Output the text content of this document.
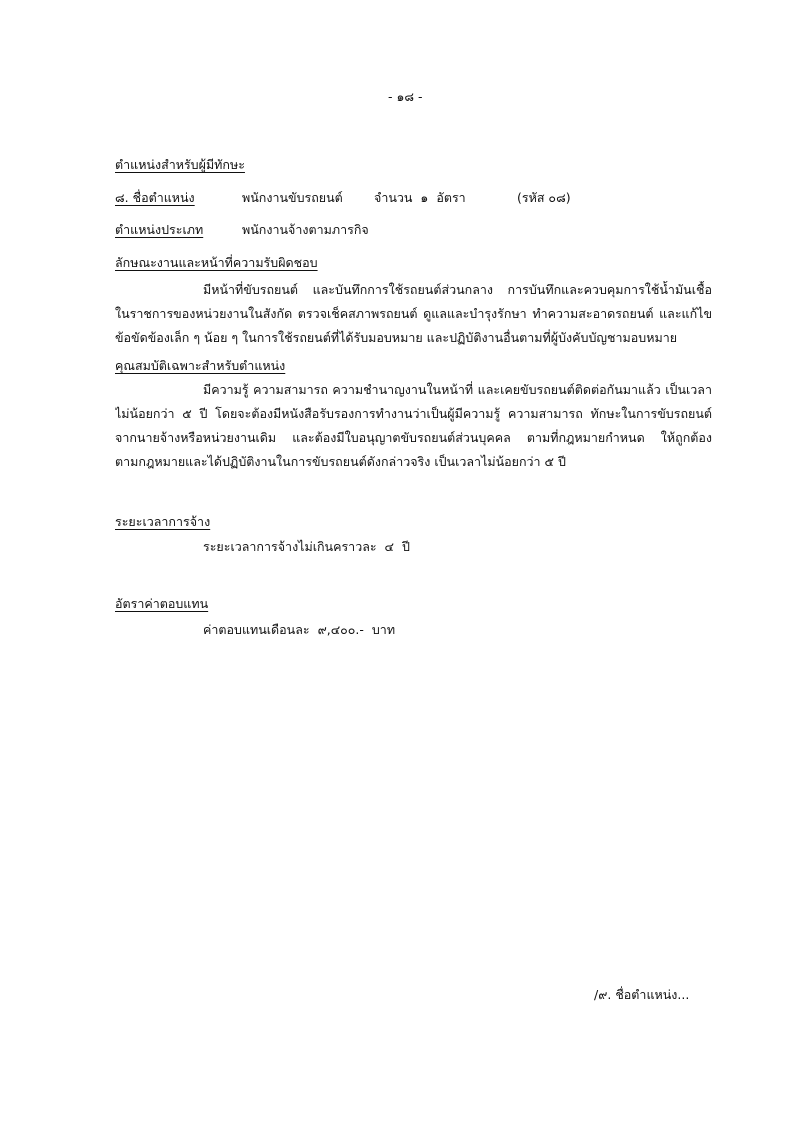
- ๑๘ -
ตำแหน่งสำหรับผู้มีทักษะ
๘. ชื่อตำแหน่ง	พนักงานขับรถยนต์ จำนวน ๑ อัตรา	(รหัส ๐๘)
ตำแหน่งประเภท	พนักงานจ้างตามภารกิจ
ลักษณะงานและหน้าที่ความรับผิดชอบ
มีหน้าที่ขับรถยนต์ และบันทึกการใช้รถยนต์ส่วนกลาง การบันทึกและควบคุมการใช้น้ำมันเชื้อ
ในราชการของหน่วยงานในสังกัด ตรวจเช็คสภาพรถยนต์ ดูแลและบำรุงรักษา ทำความสะอาดรถยนต์ และแก้ไข
ข้อขัดข้องเล็ก ๆ น้อย ๆ ในการใช้รถยนต์ที่ได้รับมอบหมาย และปฏิบัติงานอื่นตามที่ผู้บังคับบัญชามอบหมาย
คุณสมบัติเฉพาะสำหรับตำแหน่ง
มีความรู้ ความสามารถ ความชำนาญงานในหน้าที่ และเคยขับรถยนต์ติดต่อกันมาแล้ว เป็นเวลา
ไม่น้อยกว่า ๕ ปี โดยจะต้องมีหนังสือรับรองการทำงานว่าเป็นผู้มีความรู้ ความสามารถ ทักษะในการขับรถยนต์
จากนายจ้างหรือหน่วยงานเดิม และต้องมีใบอนุญาตขับรถยนต์ส่วนบุคคล ตามที่กฎหมายกำหนด ให้ถูกต้อง
ตามกฎหมายและได้ปฏิบัติงานในการขับรถยนต์ดังกล่าวจริง เป็นเวลาไม่น้อยกว่า ๕ ปี
ระยะเวลาการจ้าง
ระยะเวลาการจ้างไม่เกินคราวละ ๔ ปี
อัตราค่าตอบแทน
ค่าตอบแทนเดือนละ ๙,๔๐๐.- บาท
/๙. ชื่อตำแหน่ง...
